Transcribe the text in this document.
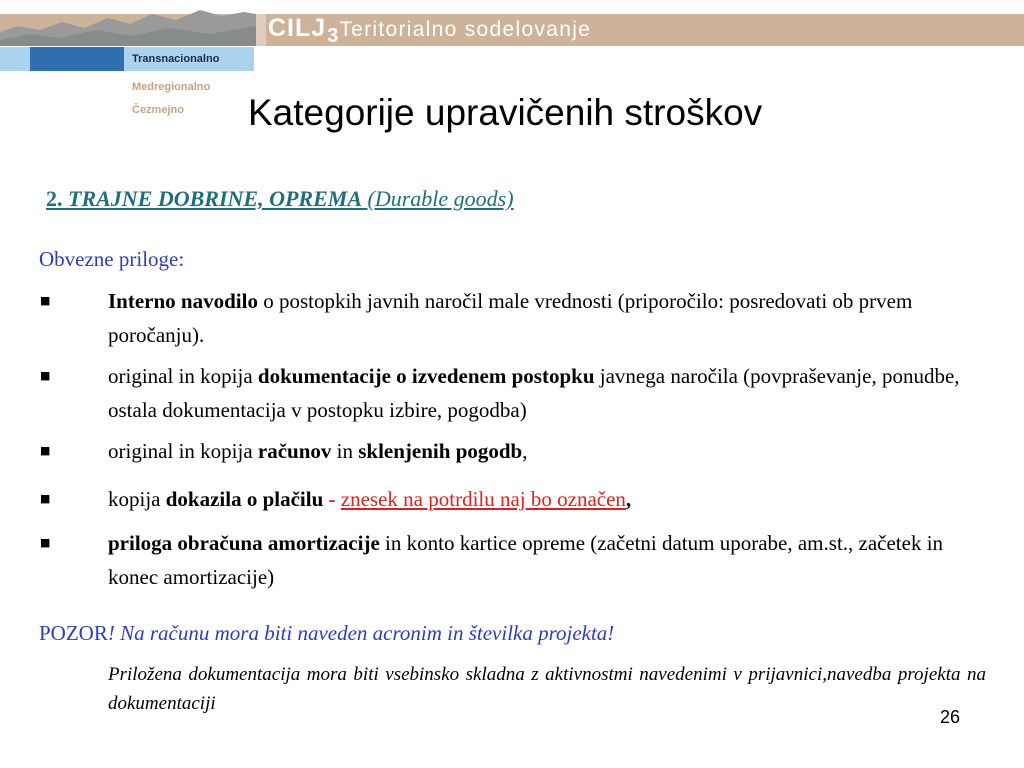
CILJ 3 Teritorialno sodelovanje
Transnacionalno
Medregionalno
Čezmejno Kategorije upravičenih stroškov

2. TRAJNE DOBRINE, OPREMA (Durable goods)

Obvezne priloge:

■	Interno navodilo o postopkih javnih naročil male vrednosti (priporočilo: posredovati ob prvem poročanju).
■	original in kopija dokumentacije o izvedenem postopku javnega naročila (povpraševanje, ponudbe, ostala dokumentacija v postopku izbire, pogodba)
■	original in kopija računov in sklenjenih pogodb,
■	kopija dokazila o plačilu - znesek na potrdilu naj bo označen,
■	priloga obračuna amortizacije in konto kartice opreme (začetni datum uporabe, am.st., začetek in konec amortizacije)

POZOR! Na računu mora biti naveden acronim in številka projekta!

Priložena dokumentacija mora biti vsebinsko skladna z aktivnostmi navedenimi v prijavnici,navedba projekta na dokumentaciji

26
